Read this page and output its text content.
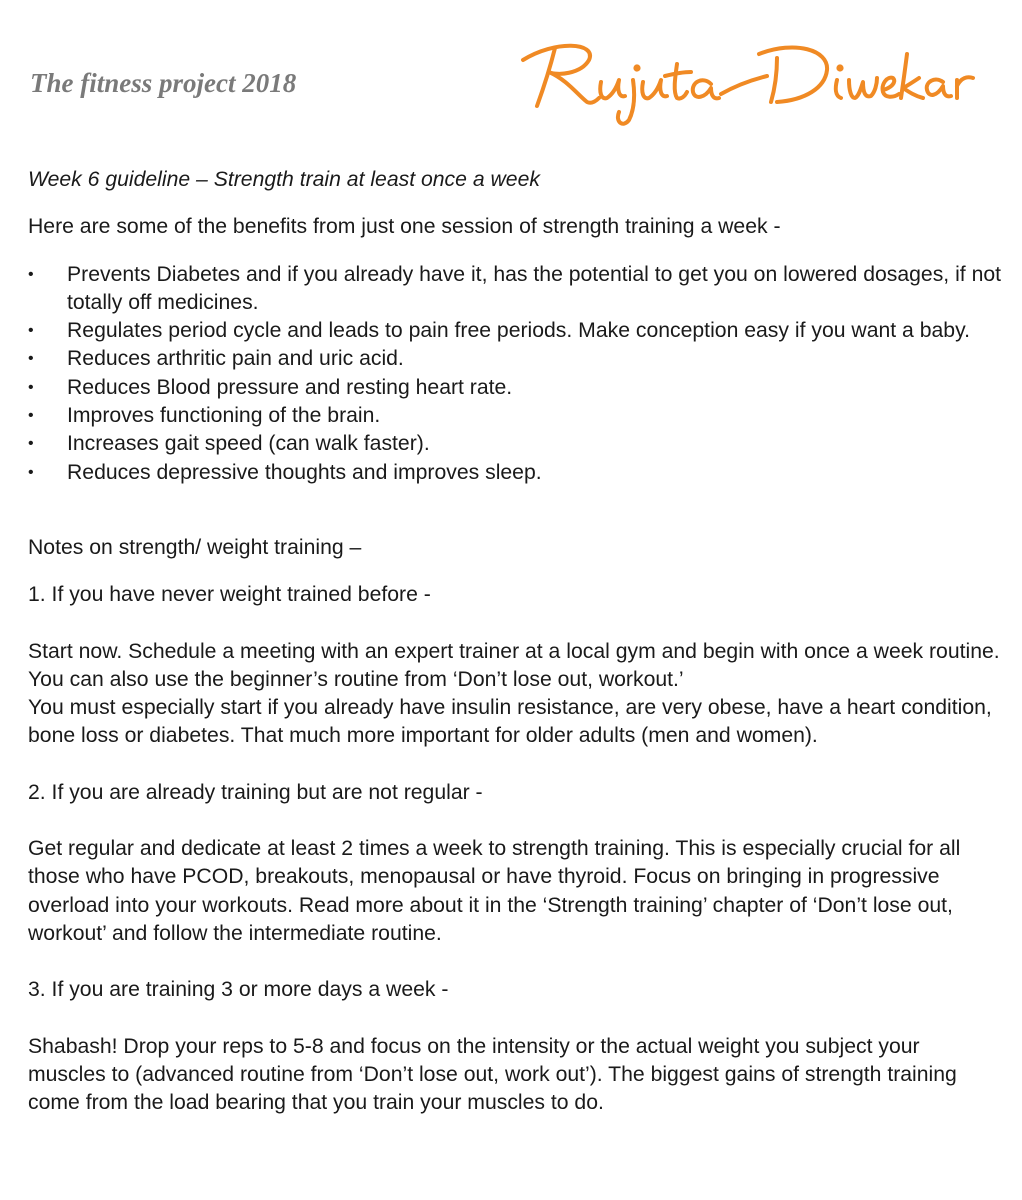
The fitness project 2018

Rujuta Diwekar

Week 6 guideline – Strength train at least once a week

Here are some of the benefits from just one session of strength training a week -

•	Prevents Diabetes and if you already have it, has the potential to get you on lowered dosages, if not totally off medicines.
•	Regulates period cycle and leads to pain free periods. Make conception easy if you want a baby.
•	Reduces arthritic pain and uric acid.
•	Reduces Blood pressure and resting heart rate.
•	Improves functioning of the brain.
•	Increases gait speed (can walk faster).
•	Reduces depressive thoughts and improves sleep.

Notes on strength/ weight training –

1. If you have never weight trained before -

Start now. Schedule a meeting with an expert trainer at a local gym and begin with once a week routine. You can also use the beginner’s routine from ‘Don’t lose out, workout.’

You must especially start if you already have insulin resistance, are very obese, have a heart condition, bone loss or diabetes. That much more important for older adults (men and women).

2. If you are already training but are not regular -

Get regular and dedicate at least 2 times a week to strength training. This is especially crucial for all those who have PCOD, breakouts, menopausal or have thyroid. Focus on bringing in progressive overload into your workouts. Read more about it in the ‘Strength training’ chapter of ‘Don’t lose out, workout’ and follow the intermediate routine.

3. If you are training 3 or more days a week -

Shabash! Drop your reps to 5-8 and focus on the intensity or the actual weight you subject your muscles to (advanced routine from ‘Don’t lose out, work out’). The biggest gains of strength training come from the load bearing that you train your muscles to do.
